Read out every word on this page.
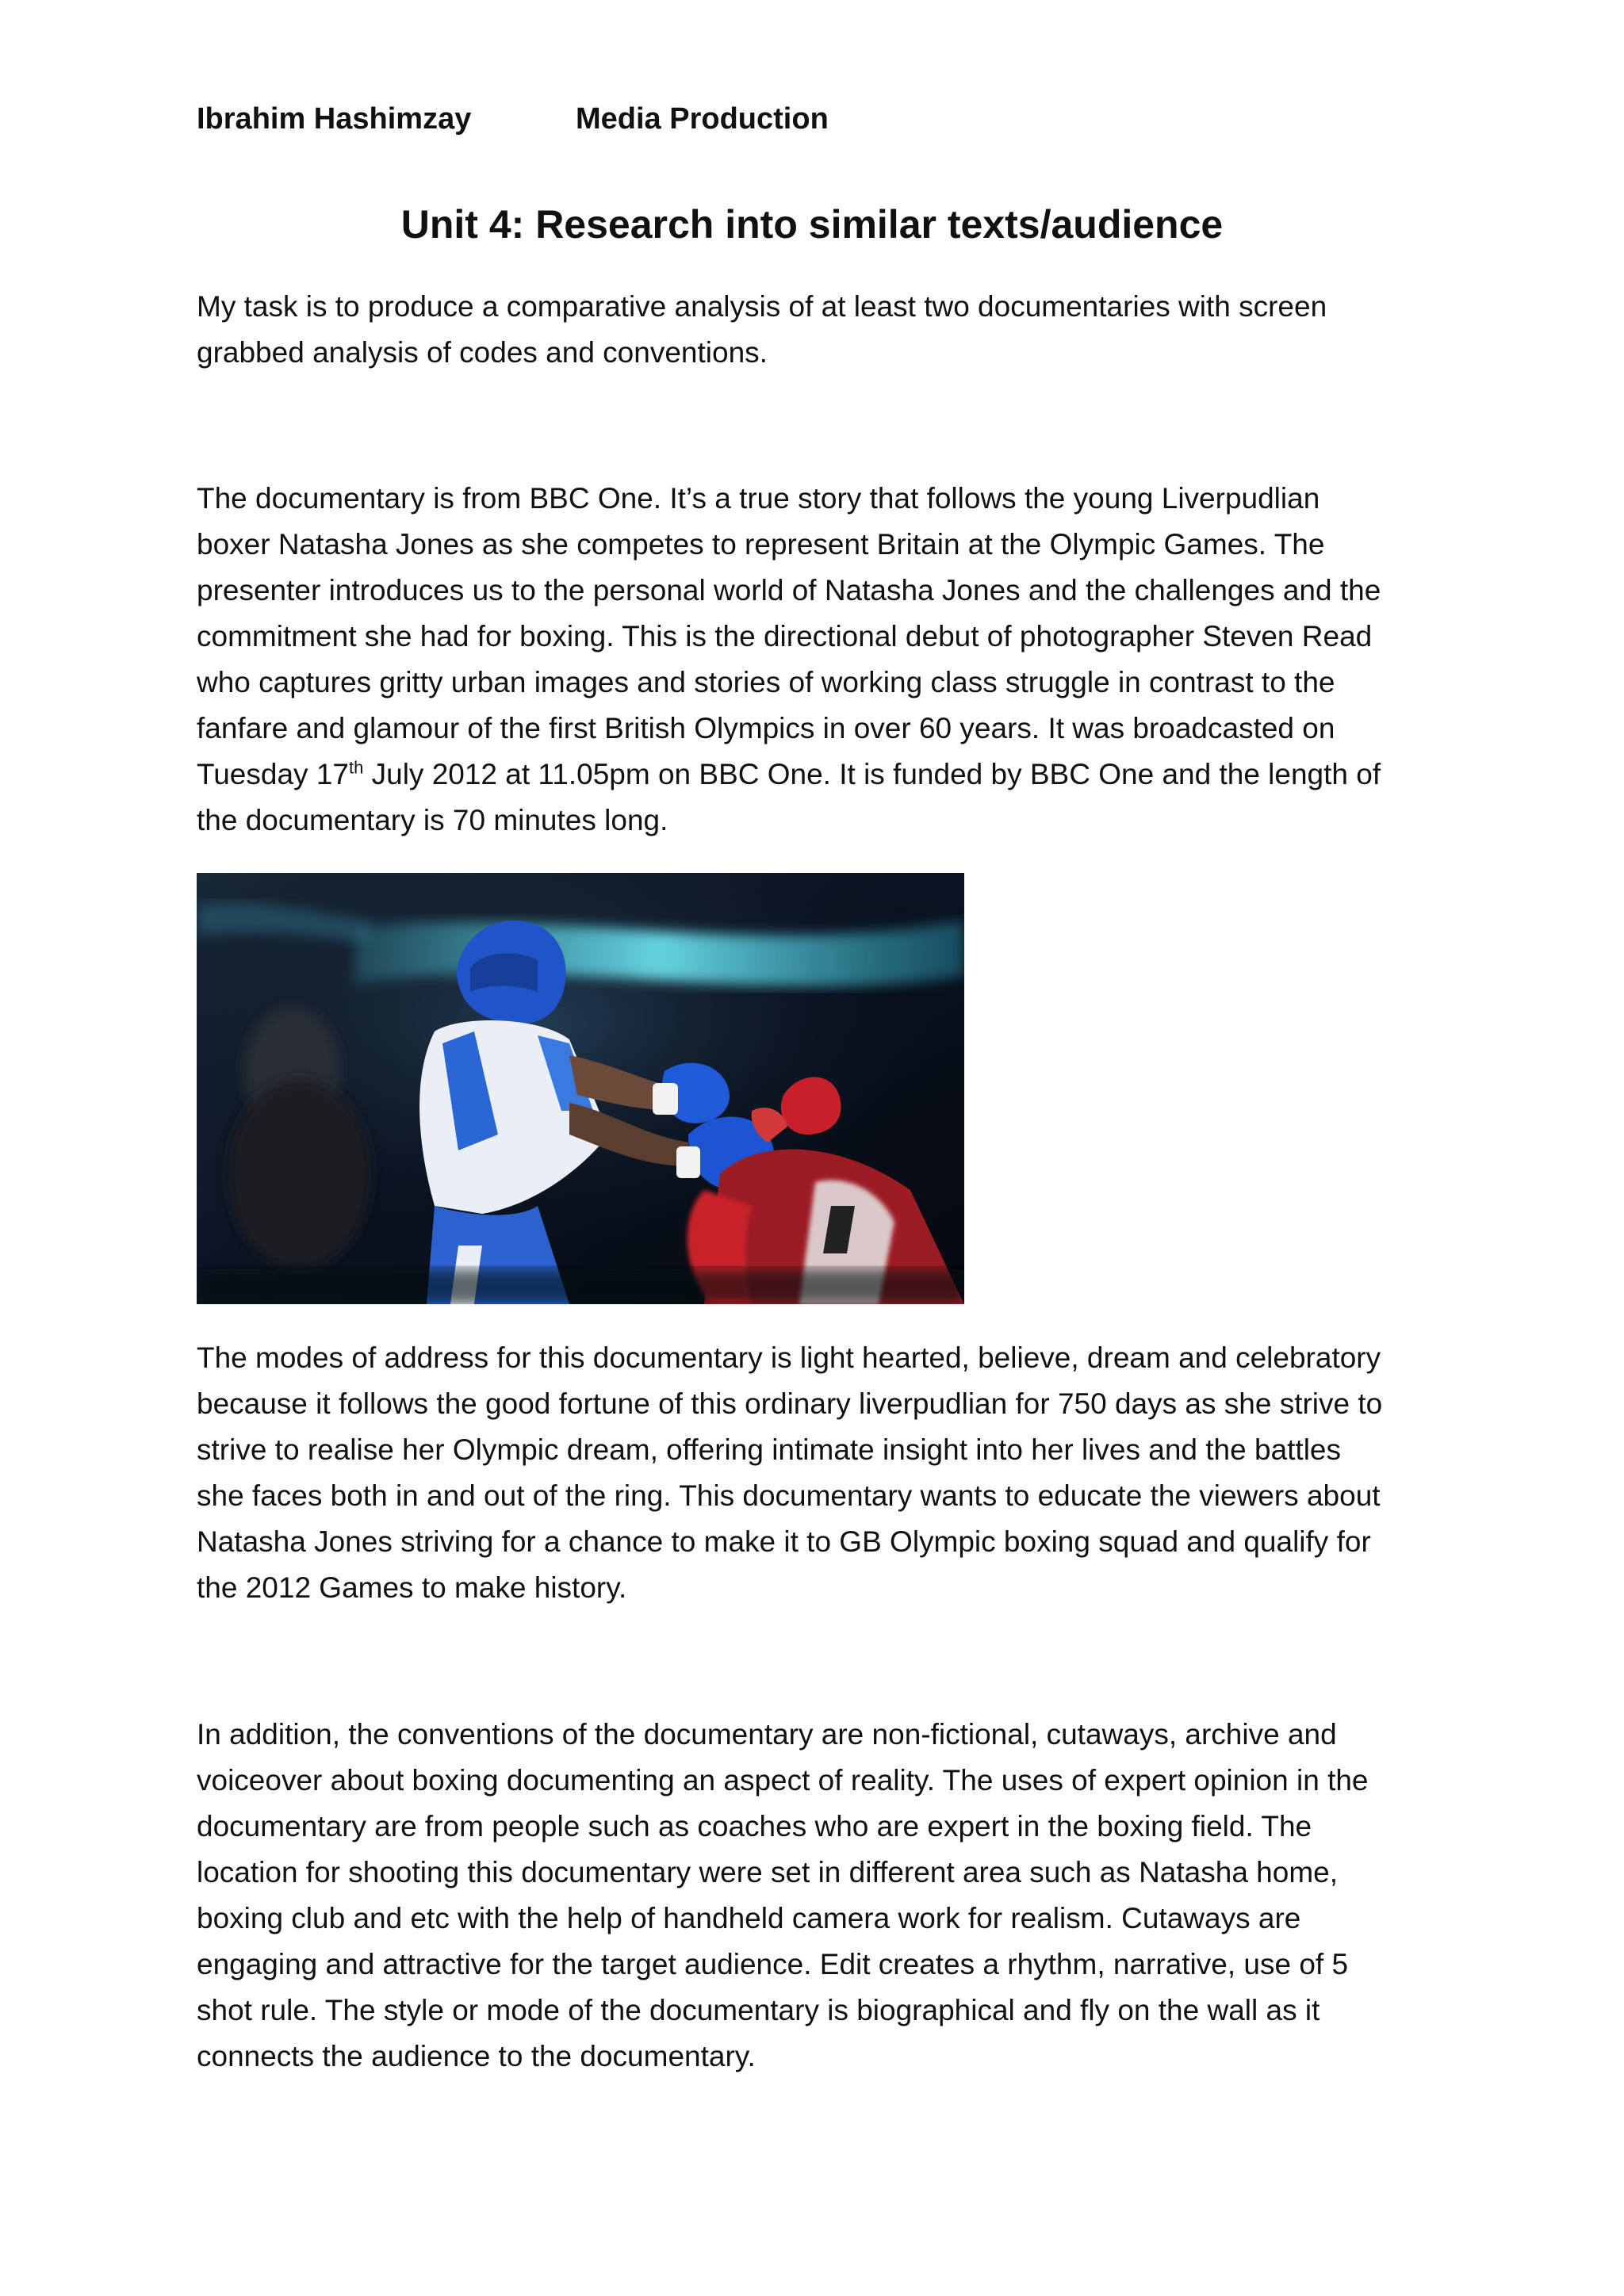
Ibrahim Hashimzay	Media Production
Unit 4: Research into similar texts/audience

My task is to produce a comparative analysis of at least two documentaries with screen
grabbed analysis of codes and conventions.

The documentary is from BBC One. It’s a true story that follows the young Liverpudlian
boxer Natasha Jones as she competes to represent Britain at the Olympic Games. The
presenter introduces us to the personal world of Natasha Jones and the challenges and the
commitment she had for boxing. This is the directional debut of photographer Steven Read
who captures gritty urban images and stories of working class struggle in contrast to the
fanfare and glamour of the first British Olympics in over 60 years. It was broadcasted on
Tuesday 17th July 2012 at 11.05pm on BBC One. It is funded by BBC One and the length of
the documentary is 70 minutes long.

The modes of address for this documentary is light hearted, believe, dream and celebratory
because it follows the good fortune of this ordinary liverpudlian for 750 days as she strive to
strive to realise her Olympic dream, offering intimate insight into her lives and the battles
she faces both in and out of the ring. This documentary wants to educate the viewers about
Natasha Jones striving for a chance to make it to GB Olympic boxing squad and qualify for
the 2012 Games to make history.

In addition, the conventions of the documentary are non-fictional, cutaways, archive and
voiceover about boxing documenting an aspect of reality. The uses of expert opinion in the
documentary are from people such as coaches who are expert in the boxing field. The
location for shooting this documentary were set in different area such as Natasha home,
boxing club and etc with the help of handheld camera work for realism. Cutaways are
engaging and attractive for the target audience. Edit creates a rhythm, narrative, use of 5
shot rule. The style or mode of the documentary is biographical and fly on the wall as it
connects the audience to the documentary.
